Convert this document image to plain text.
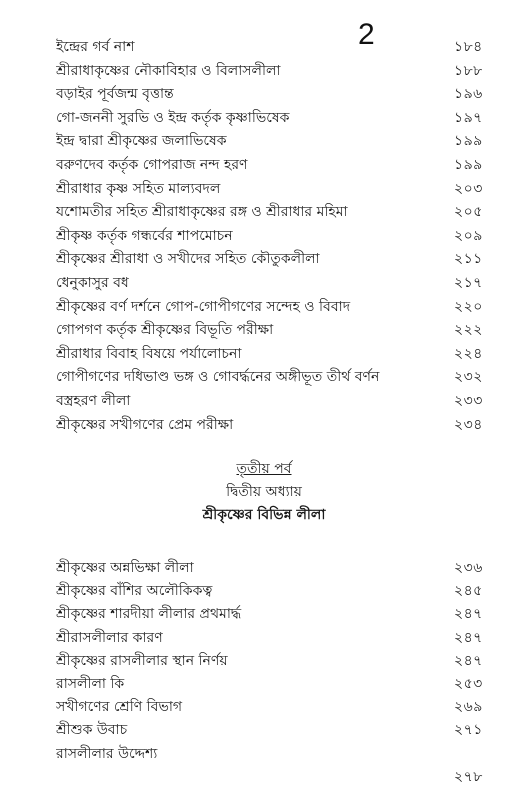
2
ইন্দ্রের গর্ব নাশ	১৮৪
শ্রীরাধাকৃষ্ণের নৌকাবিহার ও বিলাসলীলা	১৮৮
বড়াইর পূর্বজন্ম বৃত্তান্ত	১৯৬
গো-জননী সুরভি ও ইন্দ্র কর্তৃক কৃষ্ণাভিষেক	১৯৭
ইন্দ্র দ্বারা শ্রীকৃষ্ণের জলাভিষেক	১৯৯
বরুণদেব কর্তৃক গোপরাজ নন্দ হরণ	১৯৯
শ্রীরাধার কৃষ্ণ সহিত মাল্যবদল	২০৩
যশোমতীর সহিত শ্রীরাধাকৃষ্ণের রঙ্গ ও শ্রীরাধার মহিমা	২০৫
শ্রীকৃষ্ণ কর্তৃক গন্ধর্বের শাপমোচন	২০৯
শ্রীকৃষ্ণের শ্রীরাধা ও সখীদের সহিত কৌতুকলীলা	২১১
ধেনুকাসুর বধ	২১৭
শ্রীকৃষ্ণের বর্ণ দর্শনে গোপ-গোপীগণের সন্দেহ ও বিবাদ	২২০
গোপগণ কর্তৃক শ্রীকৃষ্ণের বিভূতি পরীক্ষা	২২২
শ্রীরাধার বিবাহ বিষয়ে পর্যালোচনা	২২৪
গোপীগণের দধিভাণ্ড ভঙ্গ ও গোবর্দ্ধনের অঙ্গীভূত তীর্থ বর্ণন	২৩২
বস্ত্রহরণ লীলা	২৩৩
শ্রীকৃষ্ণের সখীগণের প্রেম পরীক্ষা	২৩৪
তৃতীয় পর্ব
দ্বিতীয় অধ্যায়
শ্রীকৃষ্ণের বিভিন্ন লীলা
শ্রীকৃষ্ণের অন্নভিক্ষা লীলা	২৩৬
শ্রীকৃষ্ণের বাঁশির অলৌকিকত্ব	২৪৫
শ্রীকৃষ্ণের শারদীয়া লীলার প্রথমার্দ্ধ	২৪৭
শ্রীরাসলীলার কারণ	২৪৭
শ্রীকৃষ্ণের রাসলীলার স্থান নির্ণয়	২৪৭
রাসলীলা কি	২৫৩
সখীগণের শ্রেণি বিভাগ	২৬৯
শ্রীশুক উবাচ	২৭১
রাসলীলার উদ্দেশ্য
২৭৮
